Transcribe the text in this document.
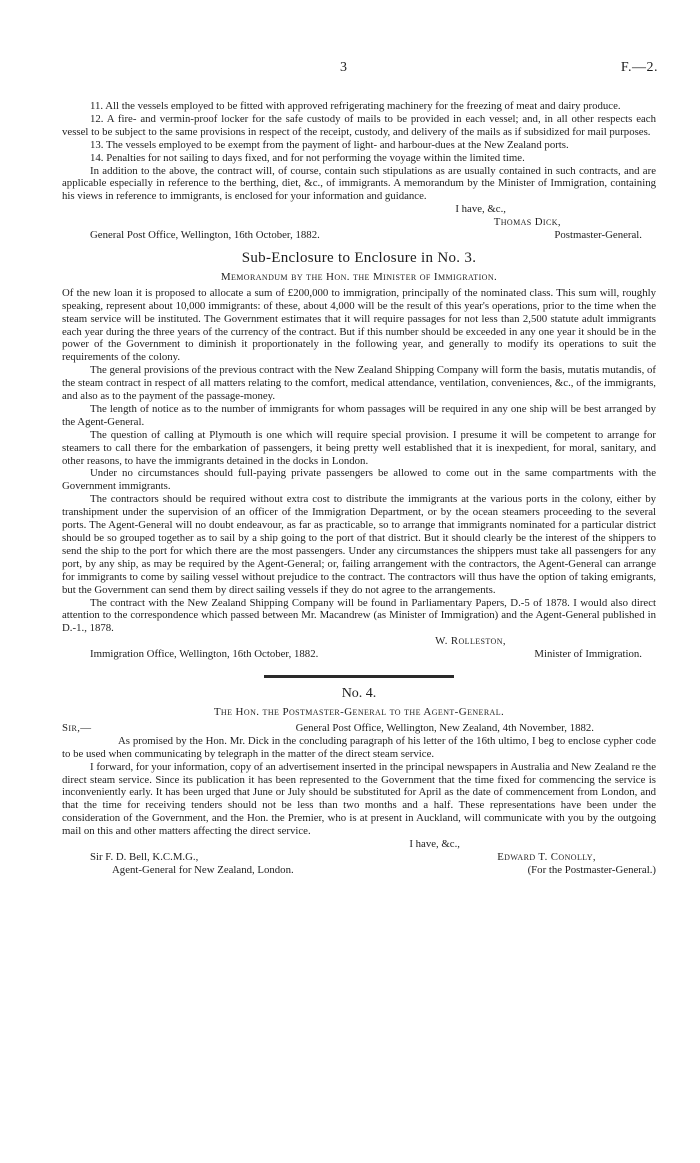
3	F.—2.

11. All the vessels employed to be fitted with approved refrigerating machinery for the freezing of meat and dairy produce.

12. A fire- and vermin-proof locker for the safe custody of mails to be provided in each vessel; and, in all other respects each vessel to be subject to the same provisions in respect of the receipt, custody, and delivery of the mails as if subsidized for mail purposes.

13. The vessels employed to be exempt from the payment of light- and harbour-dues at the New Zealand ports.

14. Penalties for not sailing to days fixed, and for not performing the voyage within the limited time.

In addition to the above, the contract will, of course, contain such stipulations as are usually contained in such contracts, and are applicable especially in reference to the berthing, diet, &c., of immigrants. A memorandum by the Minister of Immigration, containing his views in reference to immigrants, is enclosed for your information and guidance.

I have, &c.,
Thomas Dick,
General Post Office, Wellington, 16th October, 1882.	Postmaster-General.
Sub-Enclosure to Enclosure in No. 3.
Memorandum by the Hon. the Minister of Immigration.

Of the new loan it is proposed to allocate a sum of £200,000 to immigration, principally of the nominated class. This sum will, roughly speaking, represent about 10,000 immigrants: of these, about 4,000 will be the result of this year's operations, prior to the time when the steam service will be instituted. The Government estimates that it will require passages for not less than 2,500 statute adult immigrants each year during the three years of the currency of the contract. But if this number should be exceeded in any one year it should be in the power of the Government to diminish it proportionately in the following year, and generally to modify its operations to suit the requirements of the colony.

The general provisions of the previous contract with the New Zealand Shipping Company will form the basis, mutatis mutandis, of the steam contract in respect of all matters relating to the comfort, medical attendance, ventilation, conveniences, &c., of the immigrants, and also as to the payment of the passage-money.

The length of notice as to the number of immigrants for whom passages will be required in any one ship will be best arranged by the Agent-General.

The question of calling at Plymouth is one which will require special provision. I presume it will be competent to arrange for steamers to call there for the embarkation of passengers, it being pretty well established that it is inexpedient, for moral, sanitary, and other reasons, to have the immigrants detained in the docks in London.

Under no circumstances should full-paying private passengers be allowed to come out in the same compartments with the Government immigrants.

The contractors should be required without extra cost to distribute the immigrants at the various ports in the colony, either by transhipment under the supervision of an officer of the Immigration Department, or by the ocean steamers proceeding to the several ports. The Agent-General will no doubt endeavour, as far as practicable, so to arrange that immigrants nominated for a particular district should be so grouped together as to sail by a ship going to the port of that district. But it should clearly be the interest of the shippers to send the ship to the port for which there are the most passengers. Under any circumstances the shippers must take all passengers for any port, by any ship, as may be required by the Agent-General; or, failing arrangement with the contractors, the Agent-General can arrange for immigrants to come by sailing vessel without prejudice to the contract. The contractors will thus have the option of taking emigrants, but the Government can send them by direct sailing vessels if they do not agree to the arrangements.

The contract with the New Zealand Shipping Company will be found in Parliamentary Papers, D.-5 of 1878. I would also direct attention to the correspondence which passed between Mr. Macandrew (as Minister of Immigration) and the Agent-General published in D.-1., 1878.

W. Rolleston,
Immigration Office, Wellington, 16th October, 1882.	Minister of Immigration.
No. 4.
The Hon. the Postmaster-General to the Agent-General.
Sir,—	General Post Office, Wellington, New Zealand, 4th November, 1882.

As promised by the Hon. Mr. Dick in the concluding paragraph of his letter of the 16th ultimo, I beg to enclose cypher code to be used when communicating by telegraph in the matter of the direct steam service.

I forward, for your information, copy of an advertisement inserted in the principal newspapers in Australia and New Zealand re the direct steam service. Since its publication it has been represented to the Government that the time fixed for commencing the service is inconveniently early. It has been urged that June or July should be substituted for April as the date of commencement from London, and that the time for receiving tenders should not be less than two months and a half. These representations have been under the consideration of the Government, and the Hon. the Premier, who is at present in Auckland, will communicate with you by the outgoing mail on this and other matters affecting the direct service.

I have, &c.,
Sir F. D. Bell, K.C.M.G.,	Edward T. Conolly,
Agent-General for New Zealand, London.	(For the Postmaster-General.)
